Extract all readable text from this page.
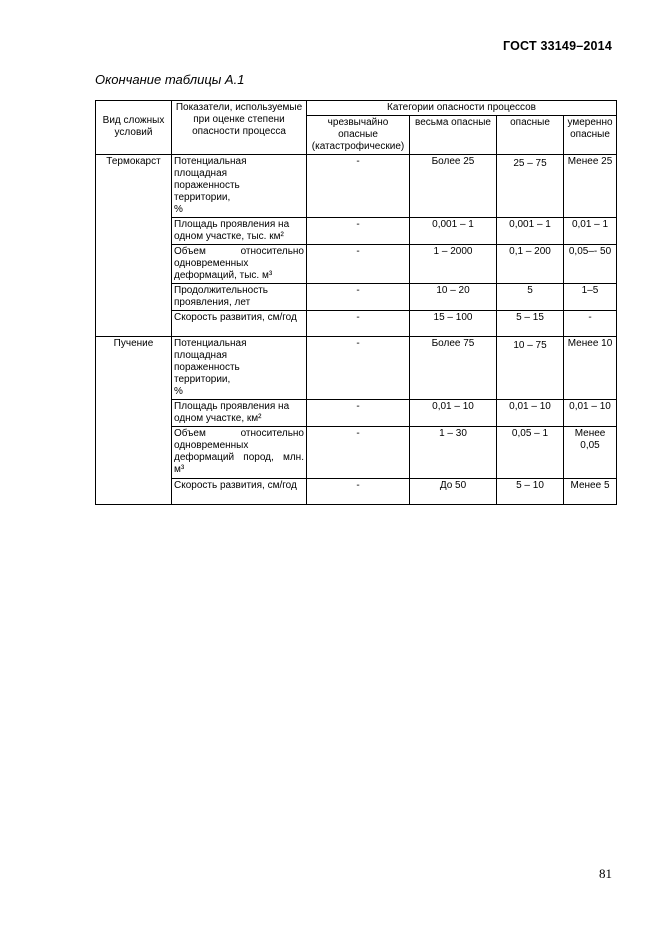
ГОСТ 33149–2014
Окончание таблицы А.1
Вид сложных условий	Показатели, используемые при оценке степени опасности процесса	Категории опасности процессов			
		чрезвычайно опасные (катастрофические)	весьма опасные	опасные	умеренно опасные
Термокарст	Потенциальная площадная пораженность территории, %	-	Более 25	25 – 75	Менее 25
	Площадь проявления на одном участке, тыс. км²	-	0,001 – 1	0,001 – 1	0,01 – 1
	Объем относительно одновременных деформаций, тыс. м³	-	1 – 2000	0,1 – 200	0,05–- 50
	Продолжительность проявления, лет	-	10 – 20	5	1–5
	Скорость развития, см/год	-	15 – 100	5 – 15	-
Пучение	Потенциальная площадная пораженность территории, %	-	Более 75	10 – 75	Менее 10
	Площадь проявления на одном участке, км²	-	0,01 – 10	0,01 – 10	0,01 – 10
	Объем относительно одновременных деформаций пород, млн. м³	-	1 – 30	0,05 – 1	Менее 0,05
	Скорость развития, см/год	-	До 50	5 – 10	Менее 5
81
